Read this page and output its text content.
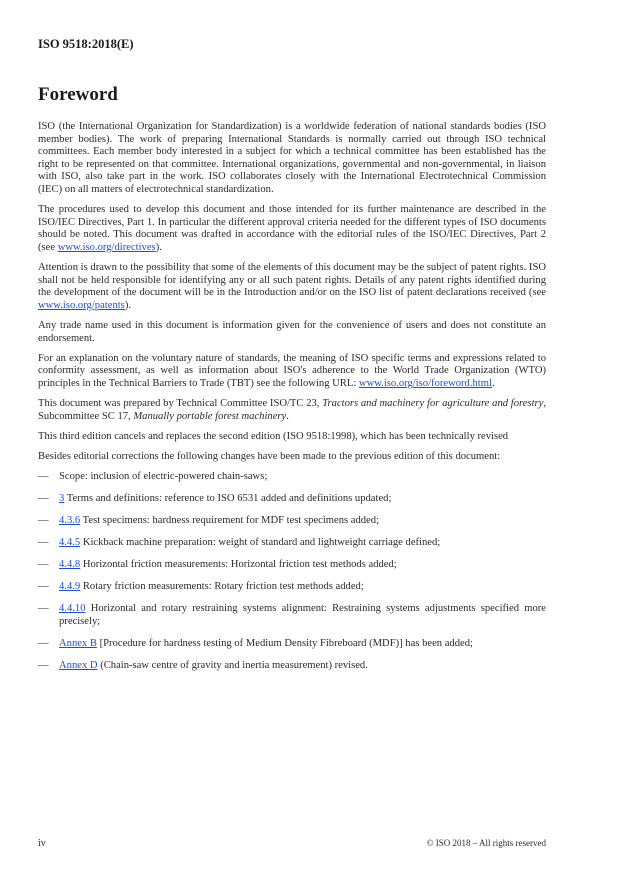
ISO 9518:2018(E)
Foreword

ISO (the International Organization for Standardization) is a worldwide federation of national standards bodies (ISO member bodies). The work of preparing International Standards is normally carried out through ISO technical committees. Each member body interested in a subject for which a technical committee has been established has the right to be represented on that committee. International organizations, governmental and non-governmental, in liaison with ISO, also take part in the work. ISO collaborates closely with the International Electrotechnical Commission (IEC) on all matters of electrotechnical standardization.

The procedures used to develop this document and those intended for its further maintenance are described in the ISO/IEC Directives, Part 1. In particular the different approval criteria needed for the different types of ISO documents should be noted. This document was drafted in accordance with the editorial rules of the ISO/IEC Directives, Part 2 (see www.iso.org/directives).

Attention is drawn to the possibility that some of the elements of this document may be the subject of patent rights. ISO shall not be held responsible for identifying any or all such patent rights. Details of any patent rights identified during the development of the document will be in the Introduction and/or on the ISO list of patent declarations received (see www.iso.org/patents).

Any trade name used in this document is information given for the convenience of users and does not constitute an endorsement.

For an explanation on the voluntary nature of standards, the meaning of ISO specific terms and expressions related to conformity assessment, as well as information about ISO's adherence to the World Trade Organization (WTO) principles in the Technical Barriers to Trade (TBT) see the following URL: www.iso.org/iso/foreword.html.

This document was prepared by Technical Committee ISO/TC 23, Tractors and machinery for agriculture and forestry, Subcommittee SC 17, Manually portable forest machinery.

This third edition cancels and replaces the second edition (ISO 9518:1998), which has been technically revised

Besides editorial corrections the following changes have been made to the previous edition of this document:

— Scope: inclusion of electric-powered chain-saws;
— 3 Terms and definitions: reference to ISO 6531 added and definitions updated;
— 4.3.6 Test specimens: hardness requirement for MDF test specimens added;
— 4.4.5 Kickback machine preparation: weight of standard and lightweight carriage defined;
— 4.4.8 Horizontal friction measurements: Horizontal friction test methods added;
— 4.4.9 Rotary friction measurements: Rotary friction test methods added;
— 4.4.10 Horizontal and rotary restraining systems alignment: Restraining systems adjustments specified more precisely;
— Annex B [Procedure for hardness testing of Medium Density Fibreboard (MDF)] has been added;
— Annex D (Chain-saw centre of gravity and inertia measurement) revised.
iv	© ISO 2018 – All rights reserved
